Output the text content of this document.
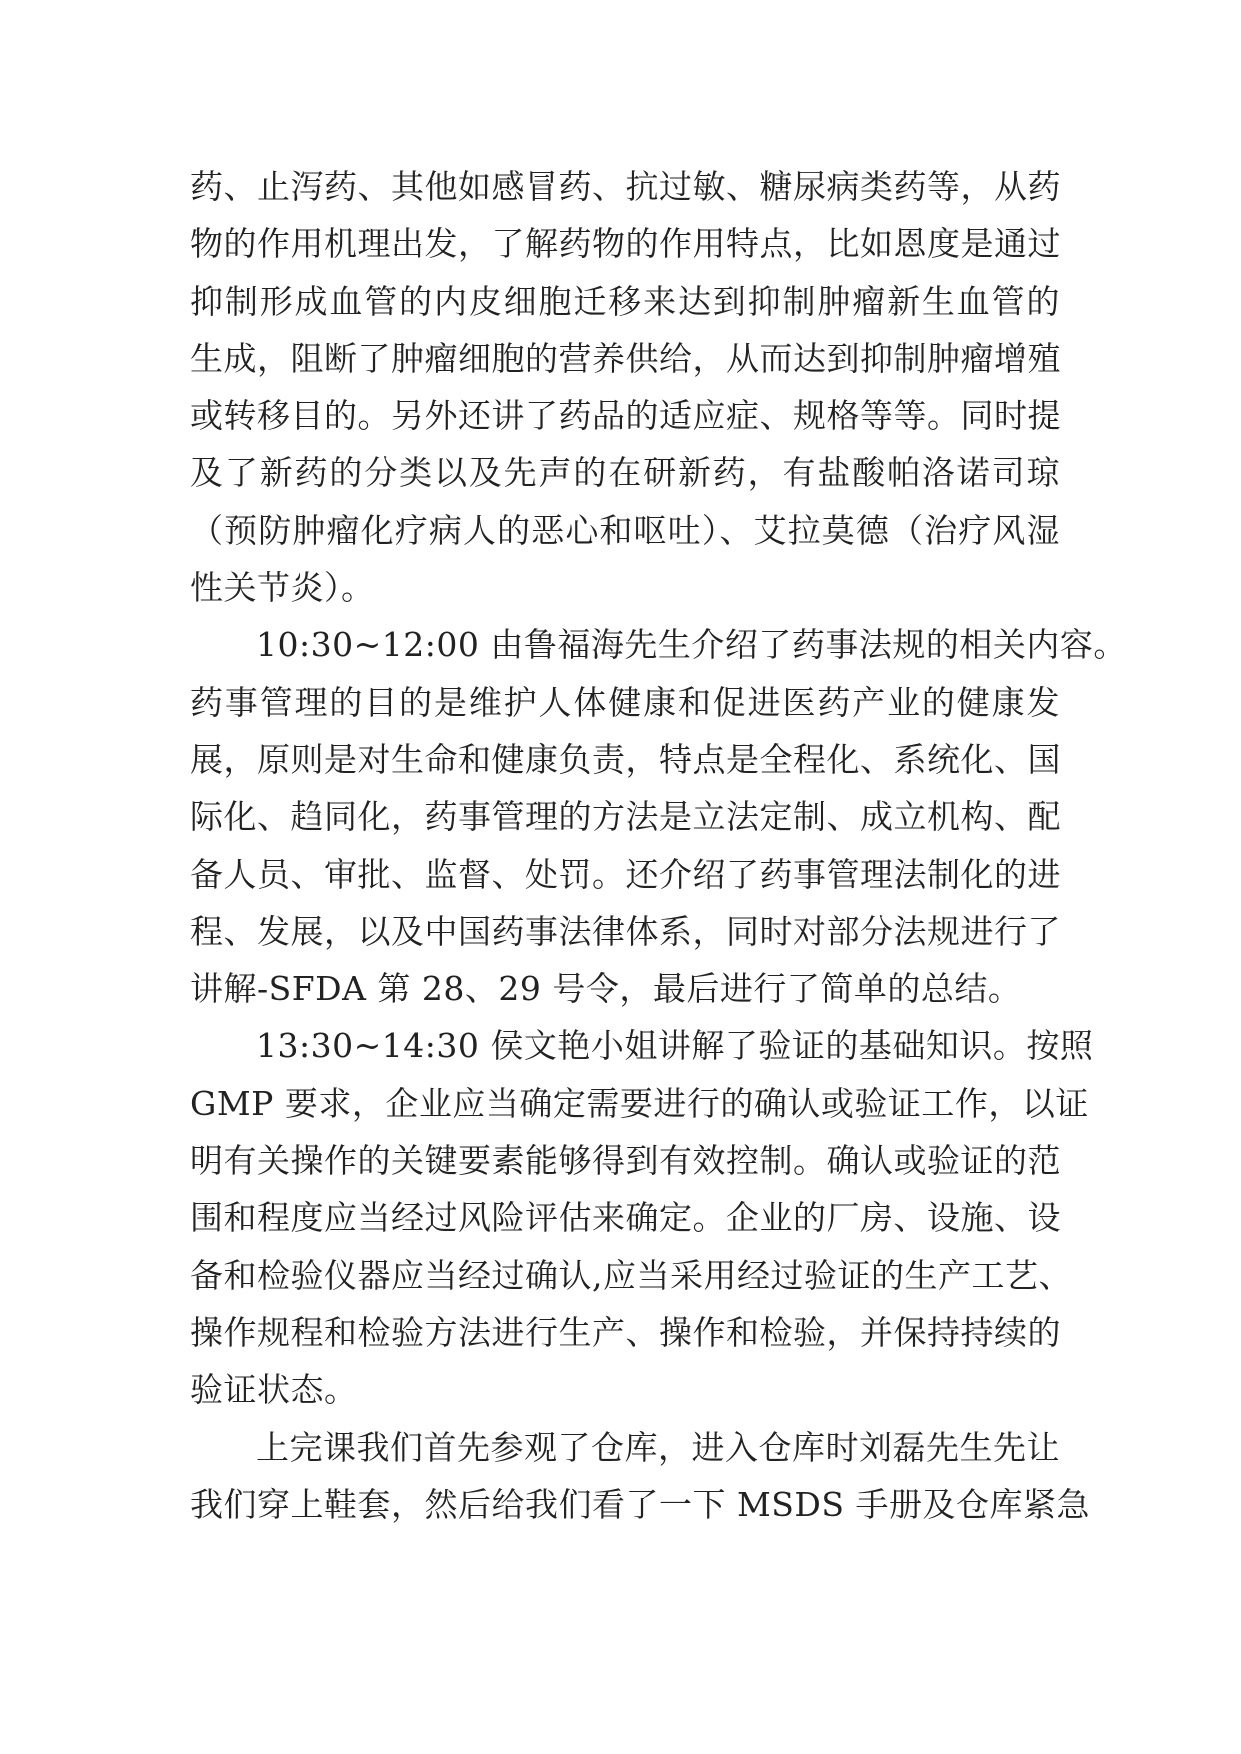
药、止泻药、其他如感冒药、抗过敏、糖尿病类药等，从药
物的作用机理出发，了解药物的作用特点，比如恩度是通过
抑制形成血管的内皮细胞迁移来达到抑制肿瘤新生血管的
生成，阻断了肿瘤细胞的营养供给，从而达到抑制肿瘤增殖
或转移目的。另外还讲了药品的适应症、规格等等。同时提
及了新药的分类以及先声的在研新药，有盐酸帕洛诺司琼
（预防肿瘤化疗病人的恶心和呕吐）、艾拉莫德（治疗风湿
性关节炎）。
10:30~12:00 由鲁福海先生介绍了药事法规的相关内容。
药事管理的目的是维护人体健康和促进医药产业的健康发
展，原则是对生命和健康负责，特点是全程化、系统化、国
际化、趋同化，药事管理的方法是立法定制、成立机构、配
备人员、审批、监督、处罚。还介绍了药事管理法制化的进
程、发展，以及中国药事法律体系，同时对部分法规进行了
讲解-SFDA 第 28、29 号令，最后进行了简单的总结。
13:30~14:30 侯文艳小姐讲解了验证的基础知识。按照
GMP 要求，企业应当确定需要进行的确认或验证工作，以证
明有关操作的关键要素能够得到有效控制。确认或验证的范
围和程度应当经过风险评估来确定。企业的厂房、设施、设
备和检验仪器应当经过确认,应当采用经过验证的生产工艺、
操作规程和检验方法进行生产、操作和检验，并保持持续的
验证状态。
上完课我们首先参观了仓库，进入仓库时刘磊先生先让
我们穿上鞋套，然后给我们看了一下 MSDS 手册及仓库紧急
